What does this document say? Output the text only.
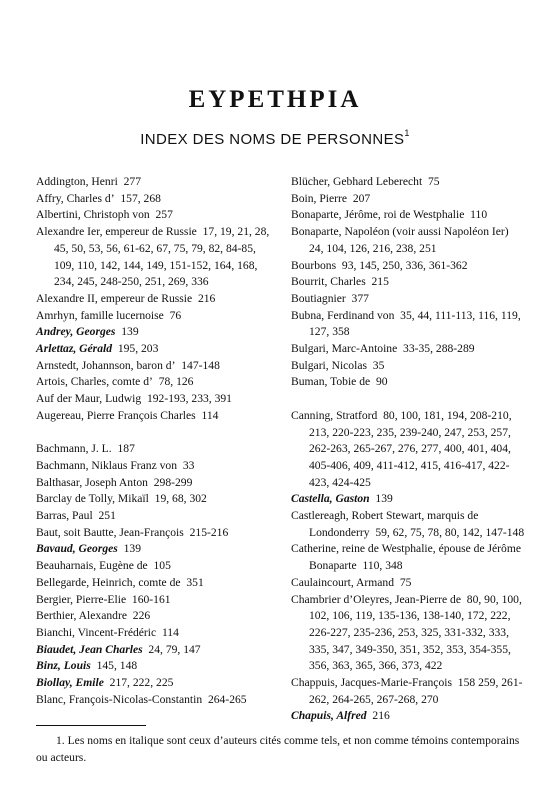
EYPETHPIA
INDEX DES NOMS DE PERSONNES$^1$

Addington, Henri  277

Affry, Charles d’  157, 268

Albertini, Christoph von  257

Alexandre Ier, empereur de Russie  17, 19, 21, 28, 45, 50, 53, 56, 61-62, 67, 75, 79, 82, 84-85, 109, 110, 142, 144, 149, 151-152, 164, 168, 234, 245, 248-250, 251, 269, 336

Alexandre II, empereur de Russie  216

Amrhyn, famille lucernoise  76

Andrey, Georges  139

Arlettaz, Gérald  195, 203

Arnstedt, Johannson, baron d’  147-148

Artois, Charles, comte d’  78, 126

Auf der Maur, Ludwig  192-193, 233, 391

Augereau, Pierre François Charles  114

Bachmann, J. L.  187

Bachmann, Niklaus Franz von  33

Balthasar, Joseph Anton  298-299

Barclay de Tolly, Mikaïl  19, 68, 302

Barras, Paul  251

Baut, soit Bautte, Jean-François  215-216

Bavaud, Georges  139

Beauharnais, Eugène de  105

Bellegarde, Heinrich, comte de  351

Bergier, Pierre-Elie  160-161

Berthier, Alexandre  226

Bianchi, Vincent-Frédéric  114

Biaudet, Jean Charles  24, 79, 147

Binz, Louis  145, 148

Biollay, Emile  217, 222, 225

Blanc, François-Nicolas-Constantin  264-265

Blücher, Gebhard Leberecht  75

Boin, Pierre  207

Bonaparte, Jérôme, roi de Westphalie  110

Bonaparte, Napoléon (voir aussi Napoléon Ier) 24, 104, 126, 216, 238, 251

Bourbons  93, 145, 250, 336, 361-362

Bourrit, Charles  215

Boutiagnier  377

Bubna, Ferdinand von  35, 44, 111-113, 116, 119, 127, 358

Bulgari, Marc-Antoine  33-35, 288-289

Bulgari, Nicolas  35

Buman, Tobie de  90

Canning, Stratford  80, 100, 181, 194, 208-210, 213, 220-223, 235, 239-240, 247, 253, 257, 262-263, 265-267, 276, 277, 400, 401, 404, 405-406, 409, 411-412, 415, 416-417, 422-423, 424-425

Castella, Gaston  139

Castlereagh, Robert Stewart, marquis de Londonderry  59, 62, 75, 78, 80, 142, 147-148

Catherine, reine de Westphalie, épouse de Jérôme Bonaparte  110, 348

Caulaincourt, Armand  75

Chambrier d’Oleyres, Jean-Pierre de  80, 90, 100, 102, 106, 119, 135-136, 138-140, 172, 222, 226-227, 235-236, 253, 325, 331-332, 333, 335, 347, 349-350, 351, 352, 353, 354-355, 356, 363, 365, 366, 373, 422

Chappuis, Jacques-Marie-François  158 259, 261-262, 264-265, 267-268, 270

Chapuis, Alfred  216

1. Les noms en italique sont ceux d’auteurs cités comme tels, et non comme témoins contemporains ou acteurs.
